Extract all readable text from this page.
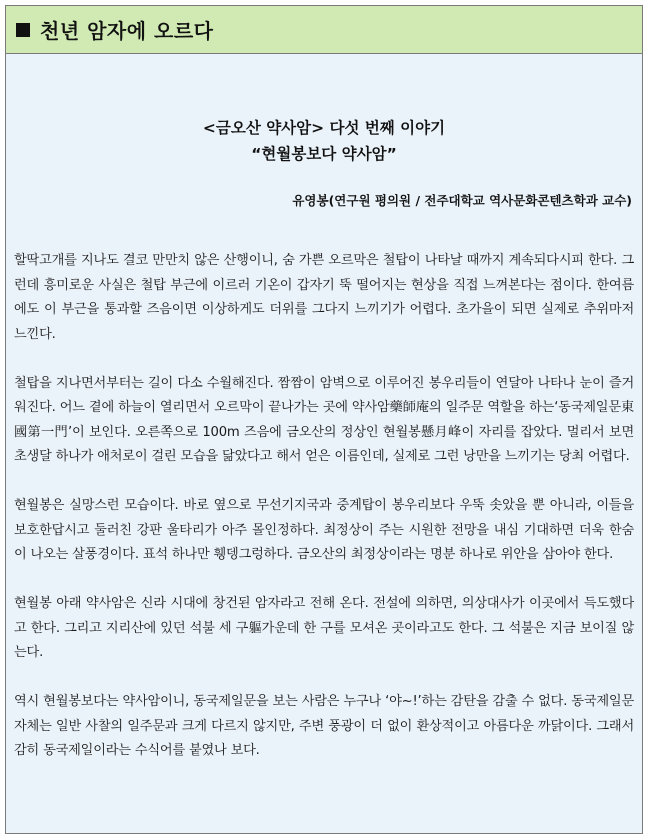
천년 암자에 오르다
<금오산 약사암> 다섯 번째 이야기
“현월봉보다 약사암”
유영봉(연구원 평의원 / 전주대학교 역사문화콘텐츠학과 교수)

할딱고개를 지나도 결코 만만치 않은 산행이니, 숨 가쁜 오르막은 철탑이 나타날 때까지 계속되다시피 한다. 그런데 흥미로운 사실은 철탑 부근에 이르러 기온이 갑자기 뚝 떨어지는 현상을 직접 느껴본다는 점이다. 한여름에도 이 부근을 통과할 즈음이면 이상하게도 더위를 그다지 느끼기가 어렵다. 초가을이 되면 실제로 추위마저 느낀다.

철탑을 지나면서부터는 길이 다소 수월해진다. 짬짬이 암벽으로 이루어진 봉우리들이 연달아 나타나 눈이 즐거워진다. 어느 곁에 하늘이 열리면서 오르막이 끝나가는 곳에 약사암藥師庵의 일주문 역할을 하는‘동국제일문東國第一門’이 보인다. 오른쪽으로 100m 즈음에 금오산의 정상인 현월봉懸月峰이 자리를 잡았다. 멀리서 보면 초생달 하나가 애처로이 걸린 모습을 닮았다고 해서 얻은 이름인데, 실제로 그런 낭만을 느끼기는 당최 어렵다.

현월봉은 실망스런 모습이다. 바로 옆으로 무선기지국과 중계탑이 봉우리보다 우뚝 솟았을 뿐 아니라, 이들을 보호한답시고 둘러친 강판 울타리가 아주 몰인정하다. 최정상이 주는 시원한 전망을 내심 기대하면 더욱 한숨이 나오는 살풍경이다. 표석 하나만 휑뎅그렁하다. 금오산의 최정상이라는 명분 하나로 위안을 삼아야 한다.

현월봉 아래 약사암은 신라 시대에 창건된 암자라고 전해 온다. 전설에 의하면, 의상대사가 이곳에서 득도했다고 한다. 그리고 지리산에 있던 석불 세 구軀가운데 한 구를 모셔온 곳이라고도 한다. 그 석불은 지금 보이질 않는다.

역시 현월봉보다는 약사암이니, 동국제일문을 보는 사람은 누구나 ‘야~!’하는 감탄을 감출 수 없다. 동국제일문 자체는 일반 사찰의 일주문과 크게 다르지 않지만, 주변 풍광이 더 없이 환상적이고 아름다운 까닭이다. 그래서 감히 동국제일이라는 수식어를 붙였나 보다.
